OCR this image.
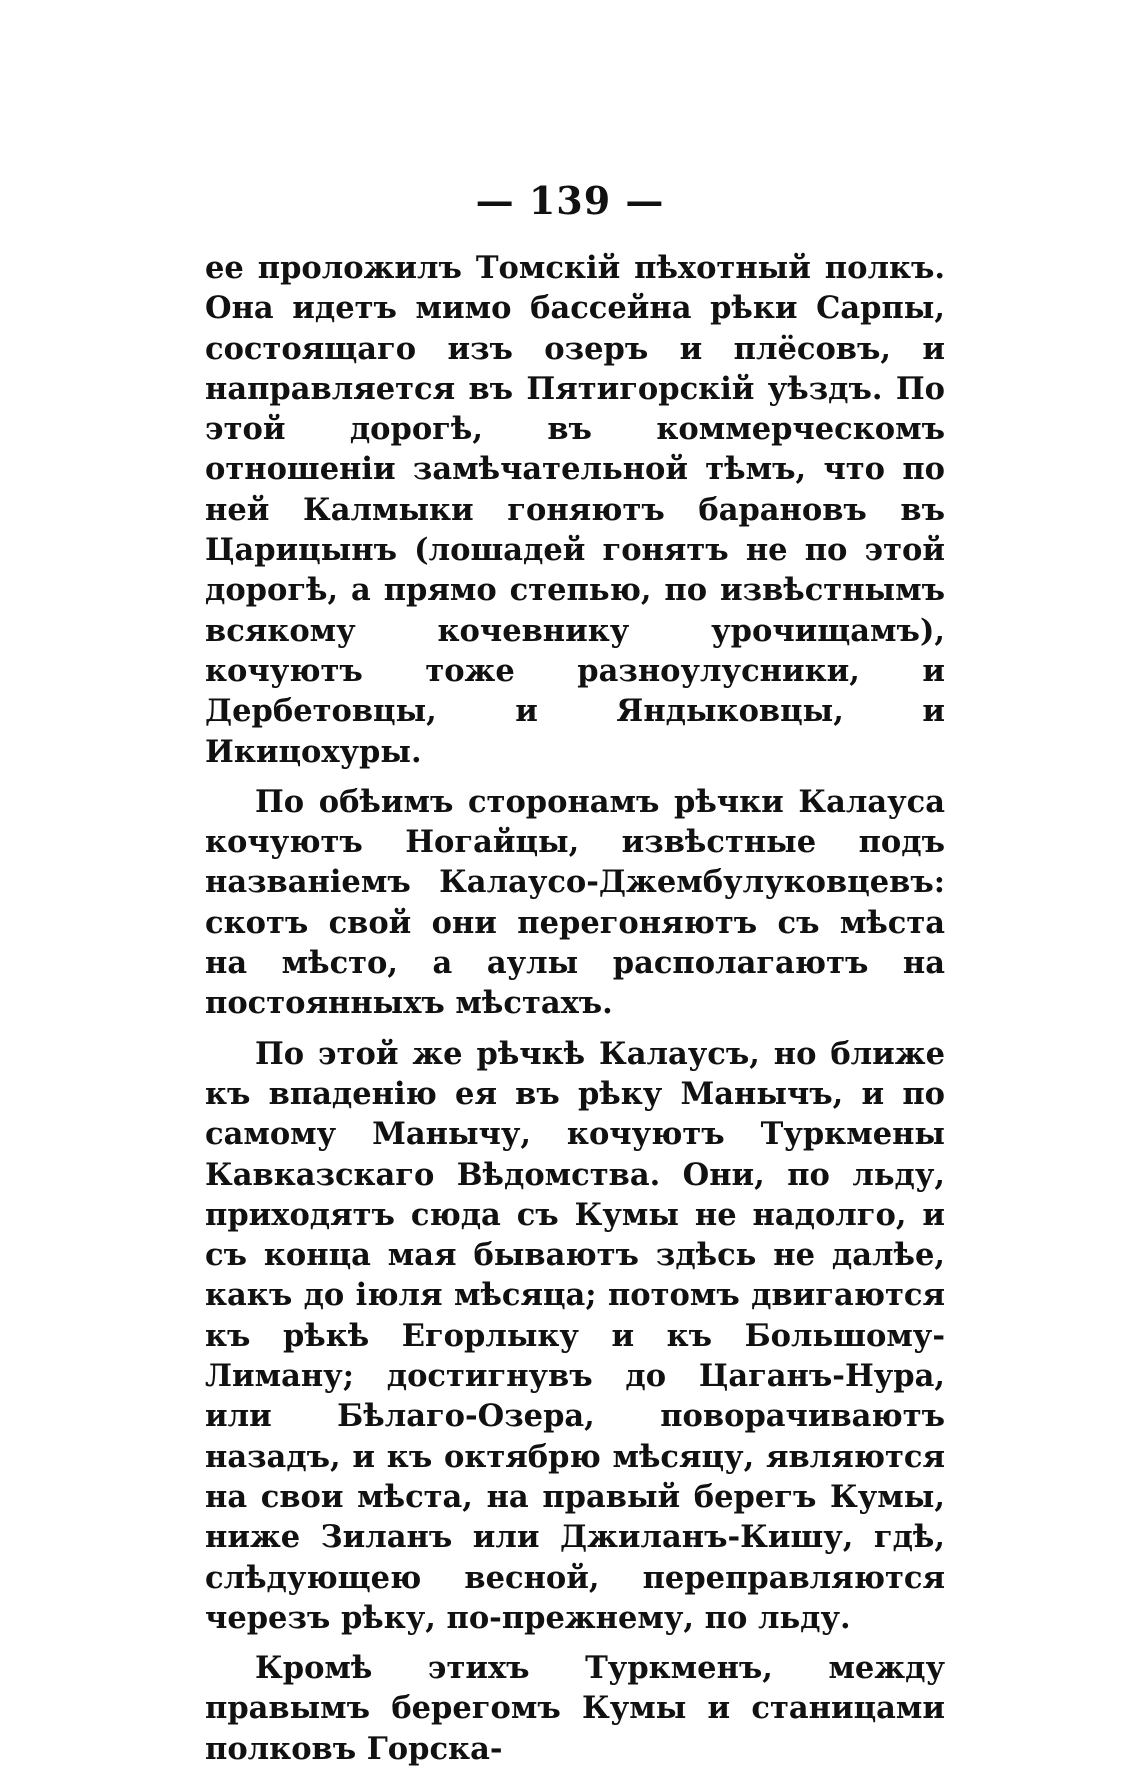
— 139 —

ее проложилъ Томскій пѣхотный полкъ. Она идетъ мимо бассейна рѣки Сарпы, состоящаго изъ озеръ и плёсовъ, и направляется въ Пятигорскій уѣздъ. По этой дорогѣ, въ коммерческомъ отношеніи замѣчательной тѣмъ, что по ней Калмыки гоняютъ барановъ въ Царицынъ (лошадей гонятъ не по этой дорогѣ, а прямо степью, по извѣстнымъ всякому кочевнику урочищамъ), кочуютъ тоже разноулусники, и Дербетовцы, и Яндыковцы, и Икицохуры.

По обѣимъ сторонамъ рѣчки Калауса кочуютъ Ногайцы, извѣстные подъ названіемъ Калаусо-Джембулуковцевъ: скотъ свой они перегоняютъ съ мѣста на мѣсто, а аулы располагаютъ на постоянныхъ мѣстахъ.

По этой же рѣчкѣ Калаусъ, но ближе къ впаденію ея въ рѣку Манычъ, и по самому Манычу, кочуютъ Туркмены Кавказскаго Вѣдомства. Они, по льду, приходятъ сюда съ Кумы не надолго, и съ конца мая бываютъ здѣсь не далѣе, какъ до іюля мѣсяца; потомъ двигаются къ рѣкѣ Егорлыку и къ Большому-Лиману; достигнувъ до Цаганъ-Нура, или Бѣлаго-Озера, поворачиваютъ назадъ, и къ октябрю мѣсяцу, являются на свои мѣста, на правый берегъ Кумы, ниже Зиланъ или Джиланъ-Кишу, гдѣ, слѣдующею весной, переправляются черезъ рѣку, по-прежнему, по льду.

Кромѣ этихъ Туркменъ, между правымъ берегомъ Кумы и станицами полковъ Горска-
